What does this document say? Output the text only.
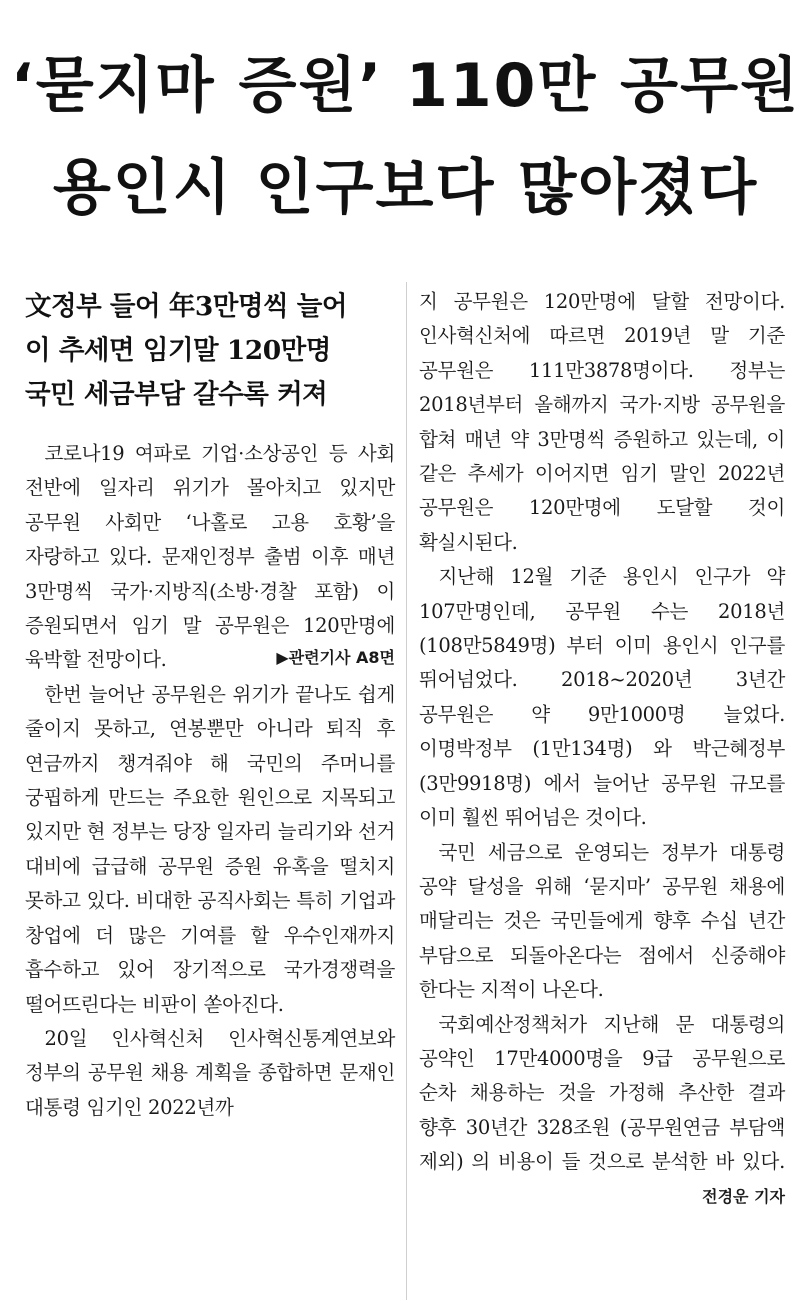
‘묻지마 증원’ 110만 공무원
용인시 인구보다 많아졌다
文정부 들어 年3만명씩 늘어
이 추세면 임기말 120만명
국민 세금부담 갈수록 커져

코로나19 여파로 기업·소상공인 등 사회 전반에 일자리 위기가 몰아치고 있지만 공무원 사회만 ‘나홀로 고용 호황’을 자랑하고 있다. 문재인정부 출범 이후 매년 3만명씩 국가·지방직(소방·경찰 포함) 이 증원되면서 임기 말 공무원은 120만명에 육박할 전망이다.	▶관련기사 A8면

한번 늘어난 공무원은 위기가 끝나도 쉽게 줄이지 못하고, 연봉뿐만 아니라 퇴직 후 연금까지 챙겨줘야 해 국민의 주머니를 궁핍하게 만드는 주요한 원인으로 지목되고 있지만 현 정부는 당장 일자리 늘리기와 선거 대비에 급급해 공무원 증원 유혹을 떨치지 못하고 있다. 비대한 공직사회는 특히 기업과 창업에 더 많은 기여를 할 우수인재까지 흡수하고 있어 장기적으로 국가경쟁력을 떨어뜨린다는 비판이 쏟아진다.

20일 인사혁신처 인사혁신통계연보와 정부의 공무원 채용 계획을 종합하면 문재인 대통령 임기인 2022년까

지 공무원은 120만명에 달할 전망이다. 인사혁신처에 따르면 2019년 말 기준 공무원은 111만3878명이다. 정부는 2018년부터 올해까지 국가·지방 공무원을 합쳐 매년 약 3만명씩 증원하고 있는데, 이 같은 추세가 이어지면 임기 말인 2022년 공무원은 120만명에 도달할 것이 확실시된다.

지난해 12월 기준 용인시 인구가 약 107만명인데, 공무원 수는 2018년(108만5849명) 부터 이미 용인시 인구를 뛰어넘었다. 2018~2020년 3년간 공무원은 약 9만1000명 늘었다. 이명박정부 (1만134명) 와 박근혜정부(3만9918명) 에서 늘어난 공무원 규모를 이미 훨씬 뛰어넘은 것이다.

국민 세금으로 운영되는 정부가 대통령 공약 달성을 위해 ‘묻지마’ 공무원 채용에 매달리는 것은 국민들에게 향후 수십 년간 부담으로 되돌아온다는 점에서 신중해야 한다는 지적이 나온다.

국회예산정책처가 지난해 문 대통령의 공약인 17만4000명을 9급 공무원으로 순차 채용하는 것을 가정해 추산한 결과 향후 30년간 328조원 (공무원연금 부담액 제외) 의 비용이 들 것으로 분석한 바 있다.

전경운 기자
